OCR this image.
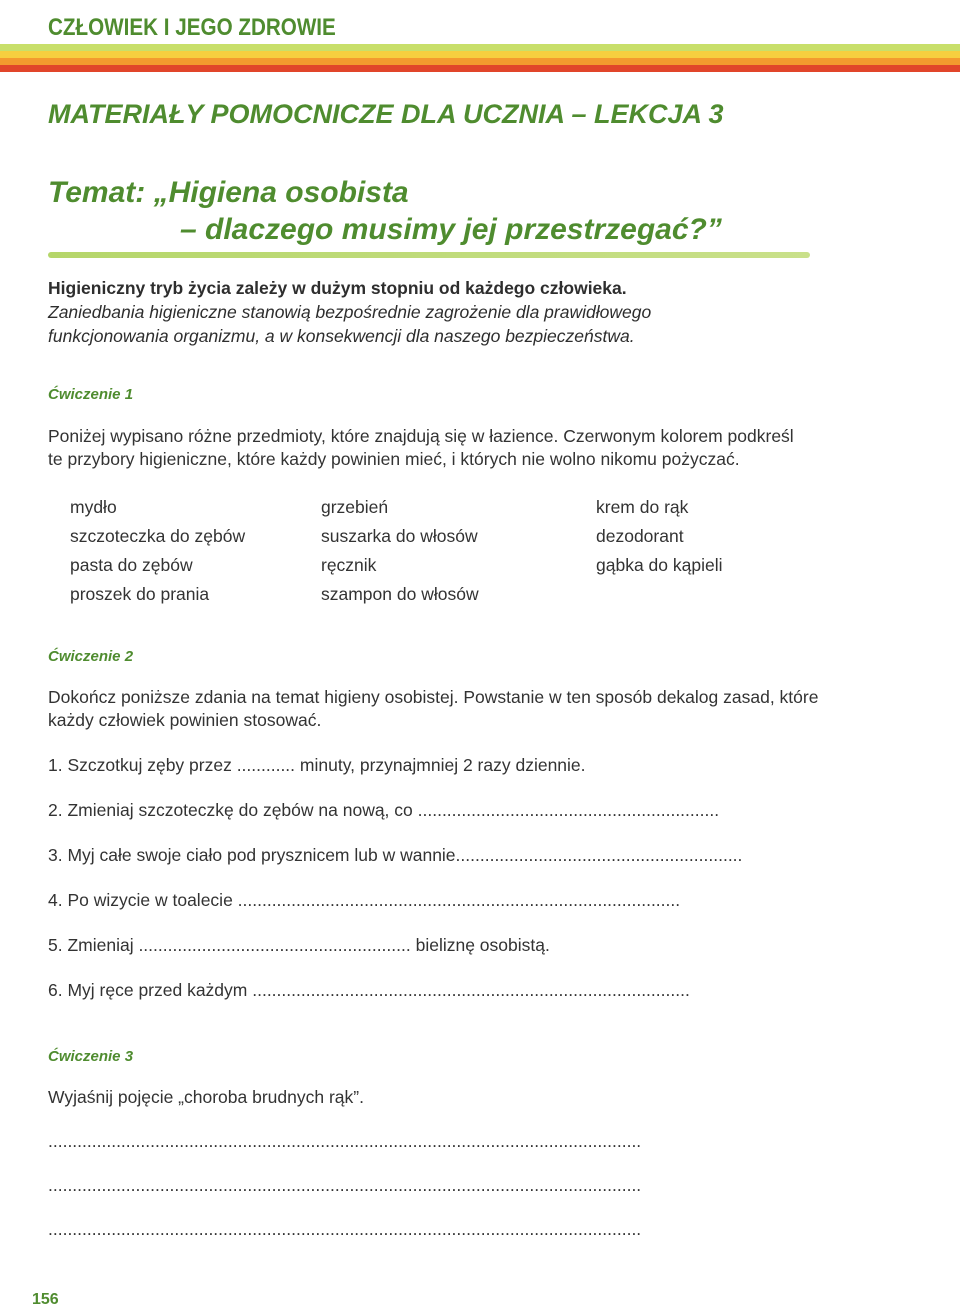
CZŁOWIEK I JEGO ZDROWIE
MATERIAŁY POMOCNICZE DLA UCZNIA – LEKCJA 3
Temat: „Higiena osobista
– dlaczego musimy jej przestrzegać?”

Higieniczny tryb życia zależy w dużym stopniu od każdego człowieka.
Zaniedbania higieniczne stanowią bezpośrednie zagrożenie dla prawidłowego
funkcjonowania organizmu, a w konsekwencji dla naszego bezpieczeństwa.

Ćwiczenie 1

Poniżej wypisano różne przedmioty, które znajdują się w łazience. Czerwonym kolorem podkreśl
te przybory higieniczne, które każdy powinien mieć, i których nie wolno nikomu pożyczać.

mydło	grzebień	krem do rąk
szczoteczka do zębów	suszarka do włosów	dezodorant
pasta do zębów	ręcznik	gąbka do kąpieli
proszek do prania	szampon do włosów

Ćwiczenie 2

Dokończ poniższe zdania na temat higieny osobistej. Powstanie w ten sposób dekalog zasad, które
każdy człowiek powinien stosować.

1. Szczotkuj zęby przez ............ minuty, przynajmniej 2 razy dziennie.

2. Zmieniaj szczoteczkę do zębów na nową, co ..............................................................

3. Myj całe swoje ciało pod prysznicem lub w wannie...........................................................

4. Po wizycie w toalecie ...........................................................................................

5. Zmieniaj ........................................................ bieliznę osobistą.

6. Myj ręce przed każdym ..........................................................................................

Ćwiczenie 3

Wyjaśnij pojęcie „choroba brudnych rąk”.

..........................................................................................................................

..........................................................................................................................

..........................................................................................................................

156
